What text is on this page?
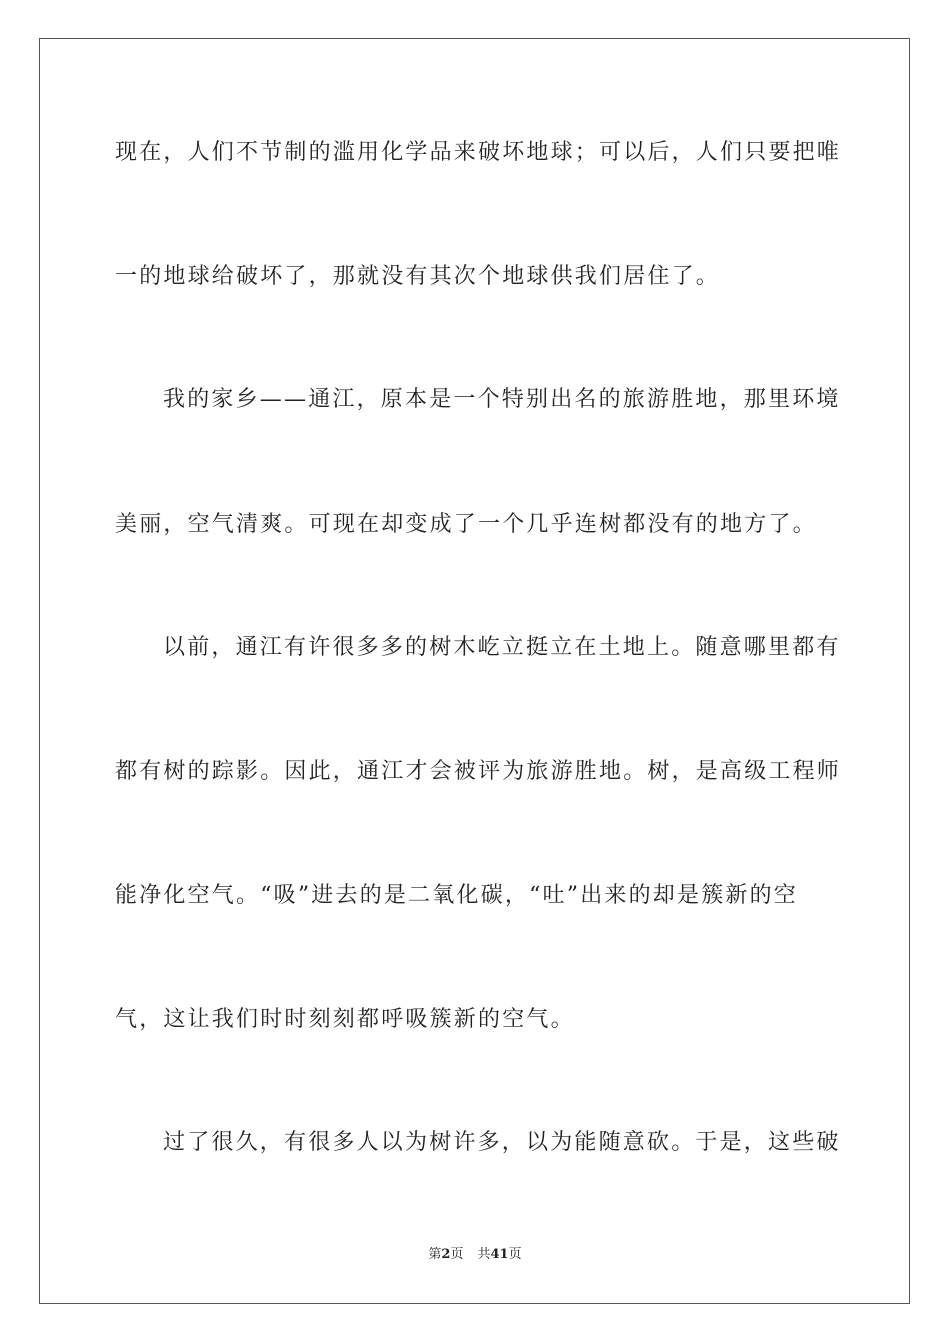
现在，人们不节制的滥用化学品来破坏地球；可以后，人们只要把唯
一的地球给破坏了，那就没有其次个地球供我们居住了。
我的家乡——通江，原本是一个特别出名的旅游胜地，那里环境
美丽，空气清爽。可现在却变成了一个几乎连树都没有的地方了。
以前，通江有许很多多的树木屹立挺立在土地上。随意哪里都有
都有树的踪影。因此，通江才会被评为旅游胜地。树，是高级工程师
能净化空气。“吸”进去的是二氧化碳，“吐”出来的却是簇新的空
气，这让我们时时刻刻都呼吸簇新的空气。
过了很久，有很多人以为树许多，以为能随意砍。于是，这些破
第2页 共41页
